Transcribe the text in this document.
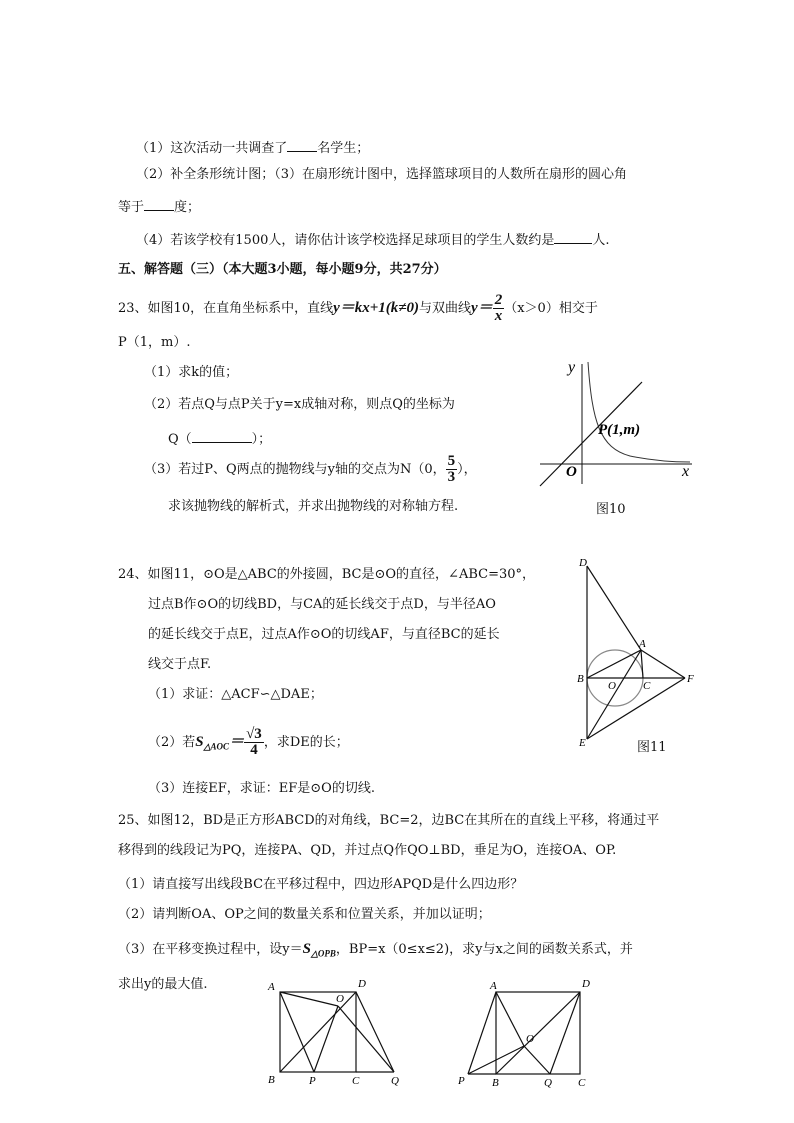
（1）这次活动一共调查了 名学生；
（2）补全条形统计图；（3）在扇形统计图中，选择篮球项目的人数所在扇形的圆心角
等于 度；
（4）若该学校有1500人，请你估计该学校选择足球项目的学生人数约是	人.
五、解答题（三）（本大题3小题，每小题9分，共27分）
23、如图10，在直角坐标系中，直线y＝kx+1(k≠0)与双曲线$y= \frac{2}{x} (x>0)$相交于
P（1，m）.
（1）求k的值；
（2）若点Q与点P关于y=x成轴对称，则点Q的坐标为
Q（	）；
（3）若过P、Q两点的抛物线与y轴的交点为N（0， $\frac{5}{3}$ ），
求该抛物线的解析式，并求出抛物线的对称轴方程.
y
x
O
P(1,m)
图10
24、如图11，⊙O是△ABC的外接圆，BC是⊙O的直径，∠ABC=30°，
过点B作⊙O的切线BD，与CA的延长线交于点D，与半径AO
的延长线交于点E，过点A作⊙O的切线AF，与直径BC的延长
线交于点F.
（1）求证：△ACF∽△DAE；
（2）若$S_{\triangle AOC}= \frac{√3}{4}$ ，求DE的长；
（3）连接EF，求证：EF是⊙O的切线.
D
A
B
O C
F
E	图11
25、如图12，BD是正方形ABCD的对角线，BC=2，边BC在其所在的直线上平移，将通过平
移得到的线段记为PQ，连接PA、QD，并过点Q作QO⊥BD，垂足为O，连接OA、OP.
（1）请直接写出线段BC在平移过程中，四边形APQD是什么四边形？
（2）请判断OA、OP之间的数量关系和位置关系，并加以证明；
（3）在平移变换过程中，设$y=S_{\triangle OPB}$，BP=x（0≤x≤2)，求y与x之间的函数关系式，并
求出y的最大值.	A
O
D
B	P	C	Q
A	D
O
P B	Q C
